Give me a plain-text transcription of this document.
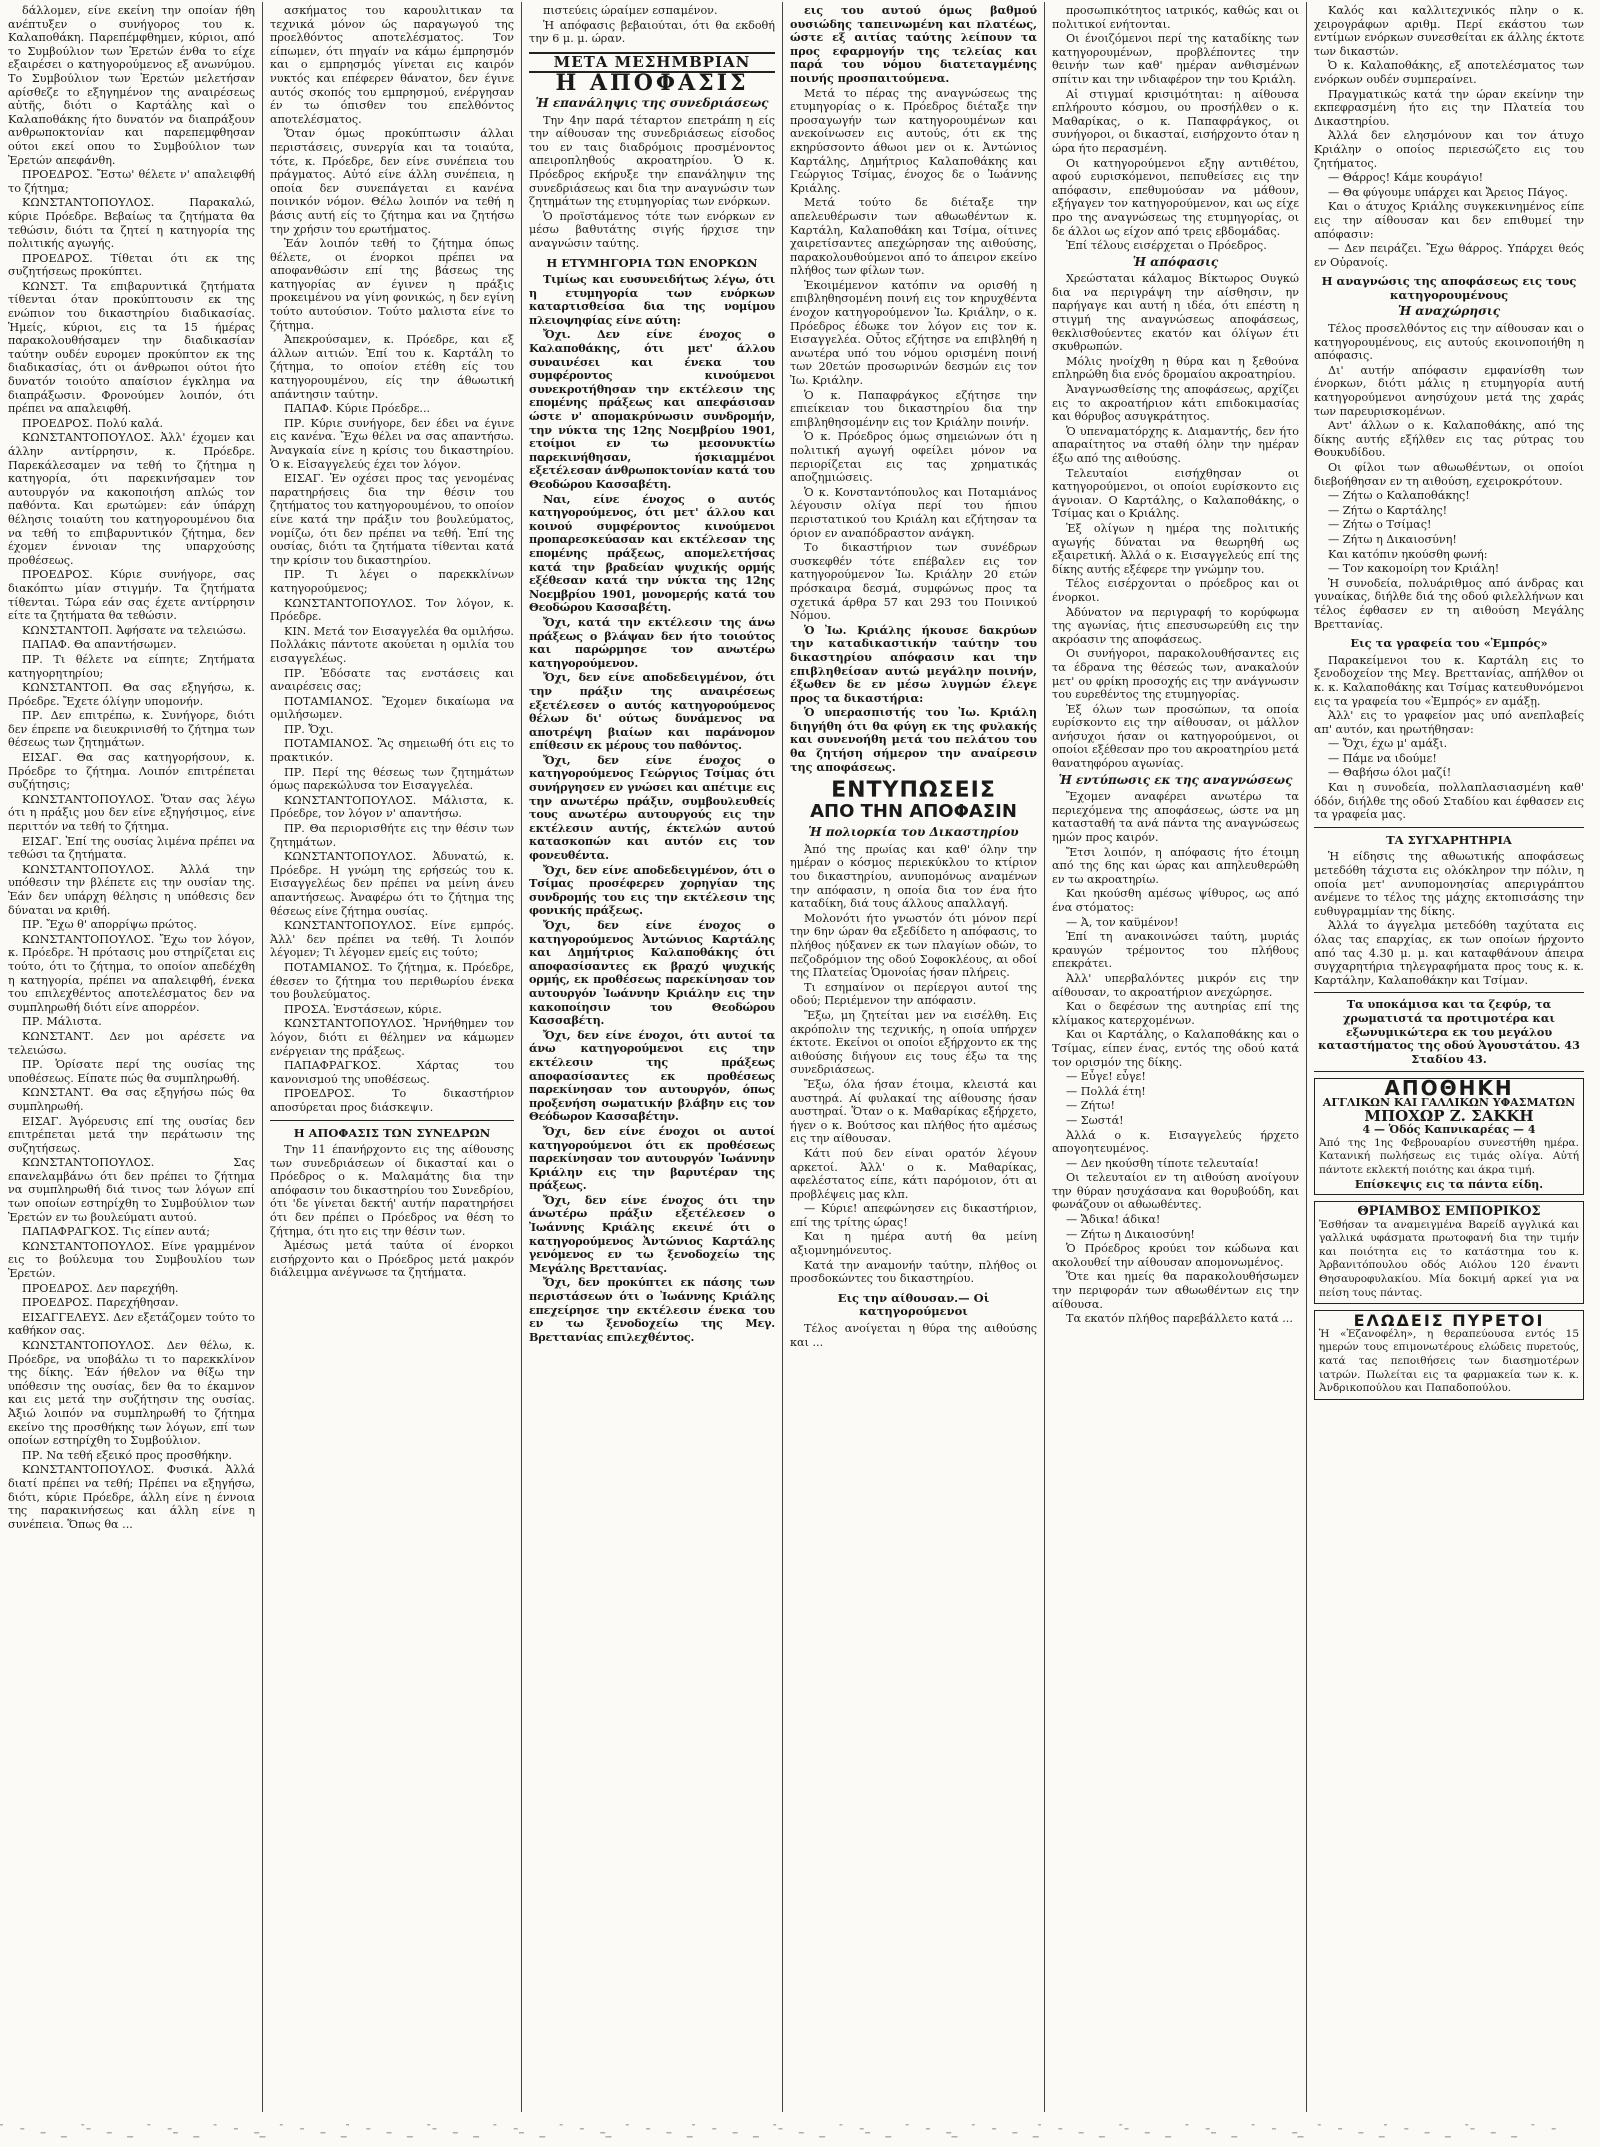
δάλλομεν, είνε εκείνη την οποίαν ήθη ανέπτυξεν ο συνήγορος του κ. Καλαποθάκη. Παρεπέμφθημεν, κύριοι, από το Συμβούλιον των Ἐρετών ένθα το είχε εξαιρέσει ο κατηγορούμενος εξ ανωνύμου. Το Συμβούλιον των Ἐρετών μελετήσαν αρίσθεζε το εξηγημένον της αναιρέσεως αὐτῆς, διότι ο Καρτάλης καὶ ο Καλαποθάκης ήτο δυνατόν να διαπράξουν ανθρωποκτονίαν και παρεπεμφθησαν ούτοι εκεί οπου το Συμβούλιον των Ἐρετών απεφάνθη.

ΠΡΟΕΔΡΟΣ. Ἔστω' θέλετε ν' απαλειφθή το ζήτημα;

ΚΩΝΣΤΑΝΤΟΠΟΥΛΟΣ. Παρακαλώ, κύριε Πρόεδρε. Βεβαίως τα ζητήματα θα τεθώσιν, διότι τα ζητεί η κατηγορία της πολιτικής αγωγής.

ΠΡΟΕΔΡΟΣ. Τίθεται ότι εκ της συζητήσεως προκύπτει.

ΚΩΝΣΤ. Τα επιβαρυντικά ζητήματα τίθενται όταν προκύπτουσιν εκ της ενώπιον του δικαστηρίου διαδικασίας. Ἡμείς, κύριοι, εις τα 15 ήμέρας παρακολουθήσαμεν την διαδικασίαν ταύτην ουδέν ευρομεν προκύπτον εκ της διαδικασίας, ότι οι άνθρωποι ούτοι ήτο δυνατόν τοιούτο απαίσιον έγκλημα να διαπράξωσιν. Φρονούμεν λοιπόν, ότι πρέπει να απαλειφθή.

ΠΡΟΕΔΡΟΣ. Πολύ καλά.

ΚΩΝΣΤΑΝΤΟΠΟΥΛΟΣ. Ἀλλ' έχομεν και άλλην αντίρρησιν, κ. Πρόεδρε. Παρεκάλεσαμεν να τεθή το ζήτημα η κατηγορία, ότι παρεκινήσαμεν τον αυτουργόν να κακοποιήση απλώς τον παθόντα. Και ερωτώμεν: εάν ύπάρχη θέλησις τοιαύτη του κατηγορουμένου δια να τεθή το επιβαρυντικόν ζήτημα, δεν έχομεν έννοιαν της υπαρχούσης προθέσεως.

ΠΡΟΕΔΡΟΣ. Κύριε συνήγορε, σας διακόπτω μίαν στιγμήν. Τα ζητήματα τίθενται. Τώρα εάν σας έχετε αντίρρησιν είτε τα ζητήματα θα τεθώσιν.

ΚΩΝΣΤΑΝΤΟΠ. Ἀφήσατε να τελειώσω.

ΠΑΠΑΦ. Θα απαντήσωμεν.

ΠΡ. Τι θέλετε να είπητε; Ζητήματα κατηγορητηρίου;

ΚΩΝΣΤΑΝΤΟΠ. Θα σας εξηγήσω, κ. Πρόεδρε. Ἔχετε όλίγην υπομονήν.

ΠΡ. Δεν επιτρέπω, κ. Συνήγορε, διότι δεν έπρεπε να διευκρινισθή το ζήτημα των θέσεως των ζητημάτων.

ΕΙΣΑΓ. Θα σας κατηγορήσουν, κ. Πρόεδρε το ζήτημα. Λοιπόν επιτρέπεται συζήτησις;

ΚΩΝΣΤΑΝΤΟΠΟΥΛΟΣ. Ὅταν σας λέγω ότι η πράξις μου δεν είνε εξηγήσιμος, είνε περιττόν να τεθή το ζήτημα.

ΕΙΣΑΓ. Ἐπί της ουσίας λιμένα πρέπει να τεθώσι τα ζητήματα.

ΚΩΝΣΤΑΝΤΟΠΟΥΛΟΣ. Ἀλλά την υπόθεσιν την βλέπετε εις την ουσίαν της. Ἐάν δεν υπάρχη θέλησις η υπόθεσις δεν δύναται να κριθή.

ΠΡ. Ἔχω θ' απορρίψω πρώτος.

ΚΩΝΣΤΑΝΤΟΠΟΥΛΟΣ. Ἔχω τον λόγον, κ. Πρόεδρε. Ἡ πρότασις μου στηρίζεται εις τούτο, ότι το ζήτημα, το οποίον απεδέχθη η κατηγορία, πρέπει να απαλειφθή, ένεκα του επιλεχθέντος αποτελέσματος δεν να συμπληρωθή διότι είνε απορρέον.

ΠΡ. Μάλιστα.

ΚΩΝΣΤΑΝΤ. Δεν μοι αρέσετε να τελειώσω.

ΠΡ. Ὁρίσατε περί της ουσίας της υποθέσεως. Είπατε πώς θα συμπληρωθή.

ΚΩΝΣΤΑΝΤ. Θα σας εξηγήσω πώς θα συμπληρωθή.

ΕΙΣΑΓ. Ἀγόρευσις επί της ουσίας δεν επιτρέπεται μετά την περάτωσιν της συζητήσεως.

ΚΩΝΣΤΑΝΤΟΠΟΥΛΟΣ. Σας επανελαμβάνω ότι δεν πρέπει το ζήτημα να συμπληρωθή διά τινος των λόγων επί των οποίων εστηρίχθη το Συμβούλιον των Ἐρετών εν τω βουλεύματι αυτού.

ΠΑΠΑΦΡΑΓΚΟΣ. Τις είπεν αυτά;

ΚΩΝΣΤΑΝΤΟΠΟΥΛΟΣ. Είνε γραμμένον εις το βούλευμα του Συμβουλίου των Ἐρετών.

ΠΡΟΕΔΡΟΣ. Δεν παρεχήθη.

ΠΡΟΕΔΡΟΣ. Παρεχήθησαν.

ΕΙΣΑΓΓΕΛΕΥΣ. Δεν εξετάζομεν τούτο το καθήκον σας.

ΚΩΝΣΤΑΝΤΟΠΟΥΛΟΣ. Δεν θέλω, κ. Πρόεδρε, να υποβάλω τι το παρεκκλίνον της δίκης. Ἐάν ήθελον να θίξω την υπόθεσιν της ουσίας, δεν θα το έκαμνον και εις μετά την συζήτησιν της ουσίας. Ἀξιώ λοιπόν να συμπληρωθή το ζήτημα εκείνο της προσθήκης των λόγων, επί των οποίων εστηρίχθη το Συμβούλιον.

ΠΡ. Να τεθή εξεικό προς προσθήκην.

ΚΩΝΣΤΑΝΤΟΠΟΥΛΟΣ. Φυσικά. Ἀλλά διατί πρέπει να τεθή; Πρέπει να εξηγήσω, διότι, κύριε Πρόεδρε, άλλη είνε η έννοια της παρακινήσεως και άλλη είνε η συνέπεια. Ὅπως θα ...

ασκήματος του καρουλιτικαν τα τεχνικά μόνον ώς παραγωγού της προελθόντος αποτελέσματος. Τον είπωμεν, ότι πηγαίν να κάμω έμπρησμόν και ο εμπρησμός γίνεται εις καιρόν νυκτός και επέφερεν θάνατον, δεν έγινε αυτός σκοπός του εμπρησμού, ενέργησαν έν τω όπισθεν του επελθόντος αποτελέσματος.

Ὅταν όμως προκύπτωσιν άλλαι περιστάσεις, συνεργία και τα τοιαύτα, τότε, κ. Πρόεδρε, δεν είνε συνέπεια του πράγματος. Αὐτό είνε άλλη συνέπεια, η οποία δεν συνεπάγεται ει κανένα ποινικόν νόμον. Θέλω λοιπόν να τεθή η βάσις αυτή είς το ζήτημα και να ζητήσω την χρήσιν του ερωτήματος.

Ἐάν λοιπόν τεθή το ζήτημα όπως θέλετε, οι ένορκοι πρέπει να αποφανθώσιν επί της βάσεως της κατηγορίας αν έγινεν η πράξις προκειμένου να γίνη φονικώς, η δεν εγίνη τούτο αυτούσιον. Τούτο μαλιστα είνε το ζήτημα.

Ἀπεκρούσαμεν, κ. Πρόεδρε, και εξ άλλων αιτιών. Ἐπί του κ. Καρτάλη το ζήτημα, το οποίον ετέθη είς του κατηγορουμένου, είς την άθωωτική απάντησιν ταύτην.

ΠΑΠΑΦ. Κύριε Πρόεδρε...

ΠΡ. Κύριε συνήγορε, δεν έδει να έγινε εις κανένα. Ἔχω θέλει να σας απαντήσω. Ἀναγκαία είνε η κρίσις του δικαστηρίου. Ὁ κ. Εἰσαγγελεύς έχει τον λόγον.

ΕΙΣΑΓ. Ἐν οχέσει προς τας γενομένας παρατηρήσεις δια την θέσιν του ζητήματος του κατηγορουμένου, το οποίον είνε κατά την πράξιν του βουλεύματος, νομίζω, ότι δεν πρέπει να τεθή. Ἐπί της ουσίας, διότι τα ζητήματα τίθενται κατά την κρίσιν του δικαστηρίου.

ΠΡ. Τι λέγει ο παρεκκλίνων κατηγορούμενος;

ΚΩΝΣΤΑΝΤΟΠΟΥΛΟΣ. Τον λόγον, κ. Πρόεδρε.

ΚΙΝ. Μετά τον Εισαγγελέα θα ομιλήσω. Πολλάκις πάντοτε ακούεται η ομιλία του εισαγγελέως.

ΠΡ. Ἐδόσατε τας ενστάσεις και αναιρέσεις σας;

ΠΟΤΑΜΙΑΝΟΣ. Ἔχομεν δικαίωμα να ομιλήσωμεν.

ΠΡ. Ὄχι.

ΠΟΤΑΜΙΑΝΟΣ. Ἂς σημειωθή ότι εις το πρακτικόν.

ΠΡ. Περί της θέσεως των ζητημάτων όμως παρεκώλυσα τον Εισαγγελέα.

ΚΩΝΣΤΑΝΤΟΠΟΥΛΟΣ. Μάλιστα, κ. Πρόεδρε, τον λόγον ν' απαντήσω.

ΠΡ. Θα περιορισθήτε εις την θέσιν των ζητημάτων.

ΚΩΝΣΤΑΝΤΟΠΟΥΛΟΣ. Ἀδυνατώ, κ. Πρόεδρε. Η γνώμη της ερήσεώς του κ. Εισαγγελέως δεν πρέπει να μείνη άνευ απαντήσεως. Ἀναφέρω ότι το ζήτημα της θέσεως είνε ζήτημα ουσίας.

ΚΩΝΣΤΑΝΤΟΠΟΥΛΟΣ. Είνε εμπρός. Ἀλλ' δεν πρέπει να τεθή. Τι λοιπόν λέγομεν; Τι λέγομεν εμείς εις τούτο;

ΠΟΤΑΜΙΑΝΟΣ. Το ζήτημα, κ. Πρόεδρε, έθεσεν το ζήτημα του περιθωρίου ένεκα του βουλεύματος.

ΠΡΟΣΑ. Ἐνστάσεων, κύριε.

ΚΩΝΣΤΑΝΤΟΠΟΥΛΟΣ. Ἠρνήθημεν τον λόγον, διότι ει θέλημεν να κάμωμεν ενέργειαν της πράξεως.

ΠΑΠΑΦΡΑΓΚΟΣ. Χάρτας του κανονισμού της υποθέσεως.

ΠΡΟΕΔΡΟΣ. Το δικαστήριον αποσύρεται προς διάσκεψιν.

Η ΑΠΟΦΑΣΙΣ ΤΩΝ ΣΥΝΕΔΡΩΝ

Την 11 έπανήρχοντο εις της αίθουσης των συνεδριάσεων οί δικασταί και ο Πρόεδρος ο κ. Μαλαμάτης δια την απόφασιν του δικαστηρίου του Συνεδρίου, ότι 'δε γίνεται δεκτή' αυτήν παρατηρήσει ότι δεν πρέπει ο Πρόεδρος να θέση το ζήτημα, ότι ητο εις την θέσιν των.

Ἀμέσως μετά ταύτα οί ένορκοι εισήρχοντο και ο Πρόεδρος μετά μακρόν διάλειμμα ανέγνωσε τα ζητήματα.

πιστεύεις ώραίμεν εσπαμένον.

Ἡ απόφασις βεβαιούται, ότι θα εκδοθή την 6 μ. μ. ώραν.

ΜΕΤΑ ΜΕΣΗΜΒΡΙΑΝ
Η ΑΠΟΦΑΣΙΣ
Ἡ επανάληψις της συνεδριάσεως

Την 4ην παρά τέταρτον επετράπη η είς την αίθουσαν της συνεδριάσεως είσοδος του εν ταις διαδρόμοις προσμένοντος απειροπληθούς ακροατηρίου. Ὁ κ. Πρόεδρος εκήρυξε την επανάληψιν της συνεδριάσεως και δια την αναγνώσιν των ζητημάτων της ετυμηγορίας των ενόρκων.

Ὁ προϊστάμενος τότε των ενόρκων εν μέσω βαθυτάτης σιγής ήρχισε την αναγνώσιν ταύτης.

Η ΕΤΥΜΗΓΟΡΙΑ ΤΩΝ ΕΝΟΡΚΩΝ

Τιμίως και ευσυνειδήτως λέγω, ότι η ετυμηγορία των ενόρκων καταρτισθείσα δια της νομίμου πλειοψηφίας είνε αύτη:

Ὄχι. Δεν είνε ένοχος ο Καλαποθάκης, ότι μετ' άλλου συναινέσει και ένεκα του συμφέροντος κινούμενοι συνεκροτήθησαν την εκτέλεσιν της επομένης πράξεως και απεφάσισαν ώστε ν' απομακρύνωσιν συνδρομήν, την νύκτα της 12ης Νοεμβρίου 1901, ετοίμοι εν τω μεσονυκτίω παρεκινήθησαν, ήσκιαμμένοι εξετέλεσαν άνθρωποκτονίαν κατά του Θεοδώρου Κασσαβέτη.

Ναι, είνε ένοχος ο αυτός κατηγορούμενος, ότι μετ' άλλου και κοινού συμφέροντος κινούμενοι προπαρεσκεύασαν και εκτέλεσαν της επομένης πράξεως, απομελετήσας κατά την βραδείαν ψυχικής ορμής εξέθεσαν κατά την νύκτα της 12ης Νοεμβρίου 1901, μονομερής κατά του Θεοδώρου Κασσαβέτη.

Ὄχι, κατά την εκτέλεσιν της άνω πράξεως ο βλάψαν δεν ήτο τοιούτος και παρώρμησε τον ανωτέρω κατηγορούμενον.

Ὄχι, δεν είνε αποδεδειγμένον, ότι την πράξιν της αναιρέσεως εξετέλεσεν ο αυτός κατηγορούμενος θέλων δι' ούτως δυνάμενος να αποτρέψη βιαίων και παράνομον επίθεσιν εκ μέρους του παθόντος.

Ὄχι, δεν είνε ένοχος ο κατηγορούμενος Γεώργιος Τσίμας ότι συνήργησεν εν γνώσει και απέτιμε εις την ανωτέρω πράξιν, συμβουλευθείς τους ανωτέρω αυτουργούς εις την εκτέλεσιν αυτής, έκτελών αυτού κατασκοπών και αυτόν εις τον φονευθέντα.

Ὄχι, δεν είνε αποδεδειγμένον, ότι ο Τσίμας προσέφερεν χορηγίαν της συνδρομής του εις την εκτέλεσιν της φονικής πράξεως.

Ὄχι, δεν είνε ένοχος ο κατηγορούμενος Ἀντώνιος Καρτάλης και Δημήτριος Καλαποθάκης ότι αποφασίσαντες εκ βραχύ ψυχικής ορμής, εκ προθέσεως παρεκίνησαν τον αυτουργόν Ἰωάννην Κριάλην εις την κακοποίησιν του Θεοδώρου Κασσαβέτη.

Ὄχι, δεν είνε ένοχοι, ότι αυτοί τα άνω κατηγορούμενοι εις την εκτέλεσιν της πράξεως αποφασίσαντες εκ προθέσεως παρεκίνησαν τον αυτουργόν, όπως προξενήση σωματικήν βλάβην εις τον Θεόδωρον Κασσαβέτην.

Ὄχι, δεν είνε ένοχοι οι αυτοί κατηγορούμενοι ότι εκ προθέσεως παρεκίνησαν τον αυτουργόν Ἰωάννην Κριάλην εις την βαρυτέραν της πράξεως.

Ὄχι, δεν είνε ένοχος ότι την άνωτέρω πράξιν εξετέλεσεν ο Ἰωάννης Κριάλης εκεινέ ότι ο κατηγορούμενος Ἀντώνιος Καρτάλης γενόμενος εν τω ξενοδοχείω της Μεγάλης Βρεττανίας.

Ὄχι, δεν προκύπτει εκ πάσης των περιστάσεων ότι ο Ἰωάννης Κριάλης επεχείρησε την εκτέλεσιν ένεκα του εν τω ξενοδοχείω της Μεγ. Βρεττανίας επιλεχθέντος.

εις του αυτού όμως βαθμού ουσιώδης ταπεινωμένη και πλατέως, ώστε εξ αιτίας ταύτης λείπουν τα προς εφαρμογήν της τελείας και παρά του νόμου διατεταγμένης ποινής προσπαιτούμενα.

Μετά το πέρας της αναγνώσεως της ετυμηγορίας ο κ. Πρόεδρος διέταξε την προσαγωγήν των κατηγορουμένων και ανεκοίνωσεν εις αυτούς, ότι εκ της εκηρύσσοντο άθωοι μεν οι κ. Ἀντώνιος Καρτάλης, Δημήτριος Καλαποθάκης και Γεώργιος Τσίμας, ένοχος δε ο Ἰωάννης Κριάλης.

Μετά τούτο δε διέταξε την απελευθέρωσιν των αθωωθέντων κ. Καρτάλη, Καλαποθάκη και Τσίμα, οίτινες χαιρετίσαντες απεχώρησαν της αιθούσης, παρακολουθούμενοι από το άπειρον εκείνο πλήθος των φίλων των.

Ἐκοιμέμενον κατόπιν να ορισθή η επιβληθησομένη ποινή εις τον κηρυχθέντα ένοχον κατηγορούμενον Ἰω. Κριάλην, ο κ. Πρόεδρος έδωκε τον λόγον εις τον κ. Εισαγγελέα. Οὗτος εζήτησε να επιβληθή η ανωτέρα υπό του νόμου ορισμένη ποινή των 20ετών προσωρινών δεσμών εις τον Ἰω. Κριάλην.

Ὁ κ. Παπαφράγκος εζήτησε την επιείκειαν του δικαστηρίου δια την επιβληθησομένην εις τον Κριάλην ποινήν.

Ὁ κ. Πρόεδρος όμως σημειώνων ότι η πολιτική αγωγή οφείλει μόνον να περιορίζεται εις τας χρηματικάς αποζημιώσεις.

Ὁ κ. Κονσταντόπουλος και Ποταμιάνος λέγουσιν ολίγα περί του ήπιου περιστατικού του Κριάλη και εζήτησαν τα όριον εν αναπόδραστον ανάγκη.

Το δικαστήριον των συνέδρων συσκεφθέν τότε επέβαλεν εις τον κατηγορούμενον Ἰω. Κριάλην 20 ετών πρόσκαιρα δεσμά, συμφώνως προς τα σχετικά άρθρα 57 και 293 του Ποινικού Νόμου.

Ὁ Ἰω. Κριάλης ήκουσε δακρύων την καταδικαστικήν ταύτην του δικαστηρίου απόφασιν και την επιβληθείσαν αυτώ μεγάλην ποινήν, έξωθεν δε εν μέσω λυγμών έλεγε προς τα δικαστήρια:

Ὁ υπερασπιστής του Ἰω. Κριάλη διηγήθη ότι θα φύγη εκ της φυλακής και συνενοήθη μετά του πελάτου του θα ζητήση σήμερον την αναίρεσιν της αποφάσεως.

ΕΝΤΥΠΩΣΕΙΣ
ΑΠΟ ΤΗΝ ΑΠΟΦΑΣΙΝ
Ἡ πολιορκία του Δικαστηρίου

Ἀπό της πρωίας και καθ' όλην την ημέραν ο κόσμος περιεκύκλου το κτίριον του δικαστηρίου, ανυπομόνως αναμένων την απόφασιν, η οποία δια τον ένα ήτο καταδίκη, διά τους άλλους απαλλαγή.

Μολονότι ήτο γνωστόν ότι μόνον περί την 6ην ώραν θα εξεδίδετο η απόφασις, το πλήθος ηύξανεν εκ των πλαγίων οδών, το πεζοδρόμιον της οδού Σοφοκλέους, αι οδοί της Πλατείας Ὁμονοίας ήσαν πλήρεις.

Τι εσημαίνον οι περίεργοι αυτοί της οδού; Περιέμενον την απόφασιν.

Ἔξω, μη ζητείται μεν να εισέλθη. Εις ακρόπολιν της τεχνικής, η οποία υπήρχεν έκτοτε. Εκείνοι οι οποίοι εξήρχοντο εκ της αιθούσης διήγουν εις τους έξω τα της συνεδριάσεως.

Ἔξω, όλα ήσαν έτοιμα, κλειστά και αυστηρά. Αί φυλακαί της αίθουσης ήσαν αυστηραί. Ὅταν ο κ. Μαθαρίκας εξήρχετο, ήγεν ο κ. Βούτσος και πλήθος ήτο αμέσως εις την αίθουσαν.

Κάτι πού δεν είναι ορατόν λέγουν αρκετοί. Ἀλλ' ο κ. Μαθαρίκας, αφελέστατος είπε, κάτι παρόμοιον, ότι αι προβλέψεις μας κλπ.

— Κύριε! απεφώνησεν εις δικαστήριον, επί της τρίτης ώρας!

Και η ημέρα αυτή θα μείνη αξιομνημόνευτος.

Κατά την αναμονήν ταύτην, πλήθος οι προσδοκώντες του δικαστηρίου.

Εις την αίθουσαν.— Οἱ κατηγορούμενοι

Τέλος ανοίγεται η θύρα της αιθούσης και ...

προσωπικότητος ιατρικός, καθώς και οι πολιτικοί ενήτονται.

Οι ένοιζόμενοι περί της καταδίκης των κατηγορουμένων, προβλέποντες την θεινήν των καθ' ημέραν ανθισμένων σπίτιν και την ινδιαφέρον την του Κριάλη.

Αἱ στιγμαί κρισιμότηται: η αίθουσα επλήρουτο κόσμου, ου προσήλθεν ο κ. Μαθαρίκας, ο κ. Παπαφράγκος, οι συνήγοροι, οι δικασταί, εισήρχοντο όταν η ώρα ήτο περασμένη.

Οι κατηγορούμενοι εξηγ αντιθέτου, αφού ευρισκόμενοι, πεπυθείσες εις την απόφασιν, επεθυμούσαν να μάθουν, εξήγαγεν τον κατηγορούμενον, και ως είχε προ της αναγνώσεως της ετυμηγορίας, οι δε άλλοι ως είχον από τρεις εβδομάδας.

Ἐπί τέλους εισέρχεται ο Πρόεδρος.

Ἡ απόφασις

Χρεώσταται κάλαμος Βίκτωρος Ουγκώ δια να περιγράψη την αίσθησιν, ην παρήγαγε και αυτή η ιδέα, ότι επέστη η στιγμή της αναγνώσεως αποφάσεως, θεκλισθούεντες εκατόν και όλίγων έτι σκυθρωπών.

Μόλις ηνοίχθη η θύρα και η ξεθούνα επληρώθη δια ενός δρομαίου ακροατηρίου.

Ἀναγνωσθείσης της αποφάσεως, αρχίζει εις το ακροατήριον κάτι επιδοκιμασίας και θόρυβος ασυγκράτητος.

Ὁ υπεναματόρχης κ. Διαμαντής, δεν ήτο απαραίτητος να σταθή όλην την ημέραν έξω από της αιθούσης.

Τελευταίοι εισήχθησαν οι κατηγορούμενοι, οι οποίοι ευρίσκοντο εις άγνοιαν. Ο Καρτάλης, ο Καλαποθάκης, ο Τσίμας και ο Κριάλης.

Ἐξ ολίγων η ημέρα της πολιτικής αγωγής δύναται να θεωρηθή ως εξαιρετική. Ἀλλά ο κ. Εισαγγελεύς επί της δίκης αυτής εξέφερε την γνώμην του.

Τέλος εισέρχονται ο πρόεδρος και οι ένορκοι.

Ἀδύνατον να περιγραφή το κορύφωμα της αγωνίας, ήτις επεσυσωρεύθη εις την ακρόασιν της αποφάσεως.

Οι συνήγοροι, παρακολουθήσαντες εις τα έδρανα της θέσεώς των, ανακαλούν μετ' ου φρίκη προσοχής εις την ανάγνωσιν του ευρεθέντος της ετυμηγορίας.

Ἐξ όλων των προσώπων, τα οποία ευρίσκοντο εις την αίθουσαν, οι μάλλον ανήσυχοι ήσαν οι κατηγορούμενοι, οι οποίοι εξέθεσαν προ του ακροατηρίου μετά θανατηφόρου αγωνίας.

Ἡ εντύπωσις εκ της αναγνώσεως

Ἔχομεν αναφέρει ανωτέρω τα περιεχόμενα της αποφάσεως, ώστε να μη κατασταθή τα ανά πάντα της αναγνώσεως ημών προς καιρόν.

Ἔτσι λοιπόν, η απόφασις ήτο έτοιμη από της 6ης και ώρας και απηλευθερώθη εν τω ακροατηρίω.

Και ηκούσθη αμέσως ψίθυρος, ως από ένα στόματος:

— Ἀ, τον καϋμένον!

Ἐπί τη ανακοινώσει ταύτη, μυριάς κραυγών τρέμοντος του πλήθους επεκράτει.

Ἀλλ' υπερβαλόντες μικρόν εις την αίθουσαν, το ακροατήριον ανεχώρησε.

Και ο δεφέσων της αυτηρίας επί της κλίμακος κατερχομένων.

Και οι Καρτάλης, ο Καλαποθάκης και ο Τσίμας, είπεν ένας, εντός της οδού κατά τον ορισμόν της δίκης.

— Εὖγε! εὖγε!

— Πολλά έτη!

— Ζήτω!

— Σωστά!

Ἀλλά ο κ. Εισαγγελεύς ήρχετο απογοητευμένος.

— Δεν ηκούσθη τίποτε τελευταία!

Οι τελευταίοι εν τη αιθούση ανοίγουν την θύραν ησυχάσανα και θορυβούδη, και φωνάζουν οι αθωωθέντες.

— Ἄδικα! άδικα!

— Ζήτω η Δικαιοσύνη!

Ὁ Πρόεδρος κρούει τον κώδωνα και ακολουθεί την αίθουσαν απομονωμένος.

Ὅτε και ημείς θα παρακολουθήσωμεν την περιφοράν των αθωωθέντων εις την αίθουσα.

Τα εκατόν πλήθος παρεβάλλετο κατά ...

Καλός και καλλιτεχνικός πλην ο κ. χειρογράφων αριθμ. Περί εκάστου των εντίμων ενόρκων συνεσθείται εκ άλλης έκτοτε των δικαστών.

Ὀ κ. Καλαποθάκης, εξ αποτελέσματος των ενόρκων ουδέν συμπεραίνει.

Πραγματικώς κατά την ώραν εκείνην την εκπεφρασμένη ήτο εις την Πλατεία του Δικαστηρίου.

Ἀλλά δεν ελησμόνουν και τον άτυχο Κριάλην ο οποίος περιεσώζετο εις του ζητήματος.

— Θάρρος! Κάμε κουράγιο!

— Θα φύγουμε υπάρχει και Ἄρειος Πάγος.

Και ο άτυχος Κριάλης συγκεκινημένος είπε εις την αίθουσαν και δεν επιθυμεί την απόφασιν:

— Δεν πειράζει. Ἔχω θάρρος. Υπάρχει θεός εν Οὐρανοίς.

Η αναγνώσις της αποφάσεως εις τους κατηγορουμένους
Ἡ αναχώρησις

Τέλος προσελθόντος εις την αίθουσαν και ο κατηγορουμένους, εις αυτούς εκοινοποιήθη η απόφασις.

Δι' αυτήν απόφασιν εμφανίσθη των ένορκων, διότι μάλις η ετυμηγορία αυτή κατηγορούμενοι ανησύχουν μετά της χαράς των παρευρισκομένων.

Αντ' άλλων ο κ. Καλαποθάκης, από της δίκης αυτής εξήλθεν εις τας ρύτρας του Θουκυδίδου.

Οι φίλοι των αθωωθέντων, οι οποίοι διεβοήθησαν εν τη αιθούση, εχειροκρότουν.

— Ζήτω ο Καλαποθάκης!

— Ζήτω ο Καρτάλης!

— Ζήτω ο Τσίμας!

— Ζήτω η Δικαιοσύνη!

Και κατόπιν ηκούσθη φωνή:

— Τον κακομοίρη τον Κριάλη!

Ἡ συνοδεία, πολυάριθμος από άνδρας και γυναίκας, διήλθε διά της οδού φιλελλήνων και τέλος έφθασεν εν τη αιθούση Μεγάλης Βρεττανίας.

Εις τα γραφεία του «Ἐμπρός»

Παρακείμενοι του κ. Καρτάλη εις το ξενοδοχείον της Μεγ. Βρεττανίας, απήλθον οι κ. κ. Καλαποθάκης και Τσίμας κατευθυνόμενοι εις τα γραφεία του «Ἐμπρός» εν αμάξῃ.

Ἀλλ' εις το γραφείον μας υπό ανεπλαβείς απ' αυτόν, και ηρωτήθησαν:

— Ὄχι, έχω μ' αμάξι.

— Πάμε να ιδούμε!

— Θαβήσω όλοι μαζί!

Και η συνοδεία, πολλαπλασιασμένη καθ' όδόν, διήλθε της οδού Σταδίου και έφθασεν εις τα γραφεία μας.

ΤΑ ΣΥΓΧΑΡΗΤΗΡΙΑ

Ἡ είδησις της αθωωτικής αποφάσεως μετεδόθη τάχιστα εις ολόκληρον την πόλιν, η οποία μετ' ανυπομονησίας απεριγράπτου ανέμενε το τέλος της μάχης εκτοπισάσης την ευθυγραμμίαν της δίκης.

Ἀλλά το άγγελμα μετεδόθη ταχύτατα εις όλας τας επαρχίας, εκ των οποίων ήρχοντο από τας 4.30 μ. μ. και καταφθάνουν άπειρα συγχαρητήρια τηλεγραφήματα προς τους κ. κ. Καρτάλην, Καλαποθάκην και Τσίμαν.

Τα υποκάμισα και τα ζεφύρ, τα χρωματιστά τα προτιμοτέρα και εξωνυμικώτερα εκ του μεγάλου καταστήματος της οδού Ἀγουστάτου. 43 Σταδίου 43.

ΑΠΟΘΗΚΗ
ΑΓΓΛΙΚΩΝ ΚΑΙ ΓΑΛΛΙΚΩΝ ΥΦΑΣΜΑΤΩΝ
ΜΠΟΧΩΡ Ζ. ΣΑΚΚΗ
4 — Ὁδός Καπνικαρέας — 4
Ἀπό της 1ης Φεβρουαρίου συνεστήθη ημέρα. Κατανική πωλήσεως εις τιμάς ολίγα. Αὐτή πάντοτε εκλεκτή ποιότης και άκρα τιμή.
Επίσκεψις εις τα πάντα είδη.
ΘΡΙΑΜΒΟΣ ΕΜΠΟΡΙΚΟΣ
Ἐσθήσαν τα αναμειγμένα Βαρείδ αγγλικά και γαλλικά υφάσματα πρωτοφανή δια την τιμήν και ποιότητα εις το κατάστημα του κ. Ἀρβανιτόπουλου οδός Αιόλου 120 έναντι Θησαυροφυλακίου. Μία δοκιμή αρκεί για να πείση τους πάντας.
ΕΛΩΔΕΙΣ ΠΥΡΕΤΟΙ
Ἡ «Ἐζανοφέλη», η θεραπεύουσα εντός 15 ημερών τους επιμονωτέρους ελώδεις πυρετούς, κατά τας πεποιθήσεις των διασημοτέρων ιατρών. Πωλείται εις τα φαρμακεία των κ. κ. Ἀνδρικοπούλου και Παπαδοπούλου.
